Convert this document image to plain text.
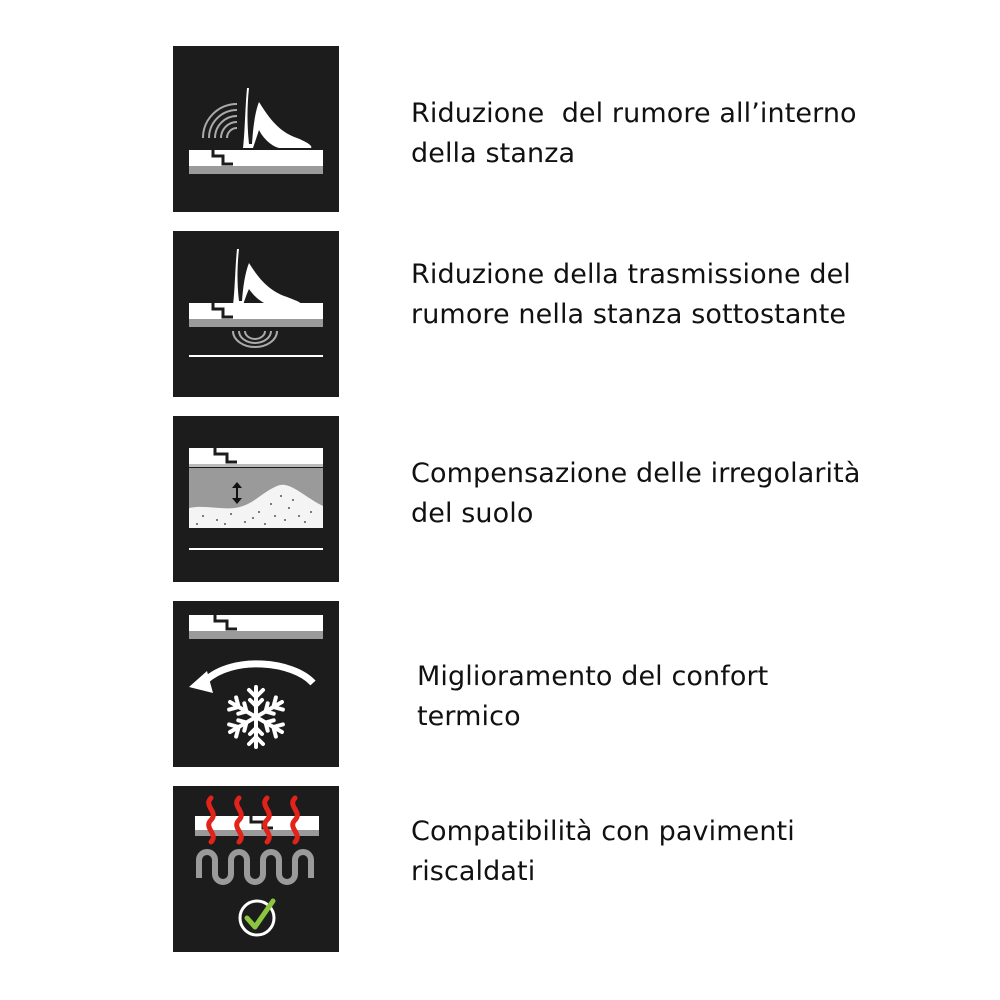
Riduzione  del rumore all’interno
della stanza
Riduzione della trasmissione del
rumore nella stanza sottostante
Compensazione delle irregolarità
del suolo
Miglioramento del confort
termico
Compatibilità con pavimenti
riscaldati
